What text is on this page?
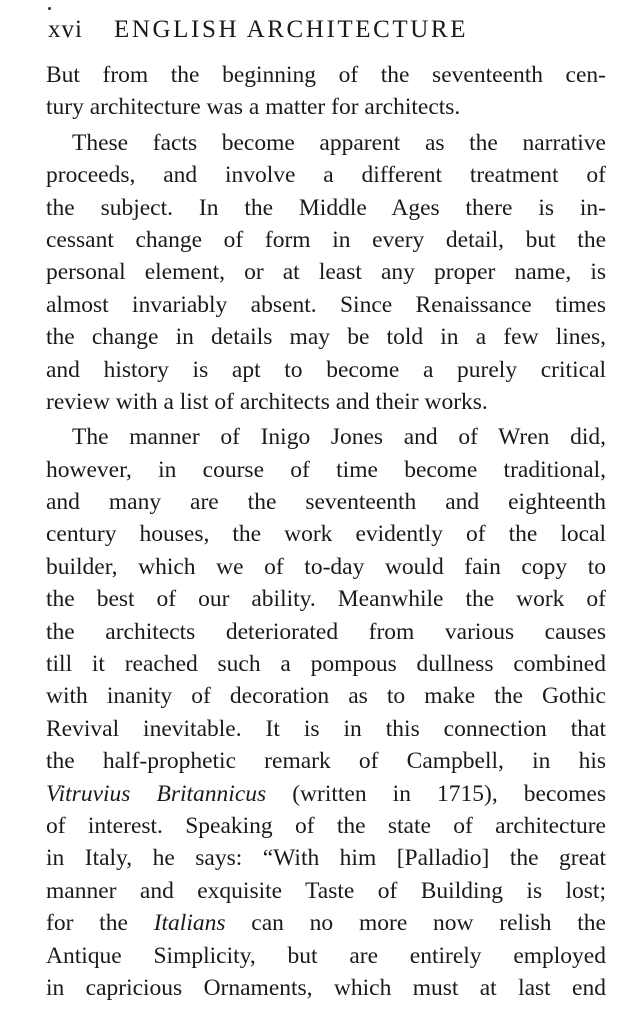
xvi ENGLISH ARCHITECTURE
But from the beginning of the seventeenth cen-
tury architecture was a matter for architects.
These facts become apparent as the narrative
proceeds, and involve a different treatment of
the subject. In the Middle Ages there is in-
cessant change of form in every detail, but the
personal element, or at least any proper name, is
almost invariably absent. Since Renaissance times
the change in details may be told in a few lines,
and history is apt to become a purely critical
review with a list of architects and their works.
The manner of Inigo Jones and of Wren did,
however, in course of time become traditional,
and many are the seventeenth and eighteenth
century houses, the work evidently of the local
builder, which we of to-day would fain copy to
the best of our ability. Meanwhile the work of
the architects deteriorated from various causes
till it reached such a pompous dullness combined
with inanity of decoration as to make the Gothic
Revival inevitable. It is in this connection that
the half-prophetic remark of Campbell, in his
Vitruvius Britannicus (written in 1715), becomes
of interest. Speaking of the state of architecture
in Italy, he says: “With him [Palladio] the great
manner and exquisite Taste of Building is lost;
for the Italians can no more now relish the
Antique Simplicity, but are entirely employed
in capricious Ornaments, which must at last end
